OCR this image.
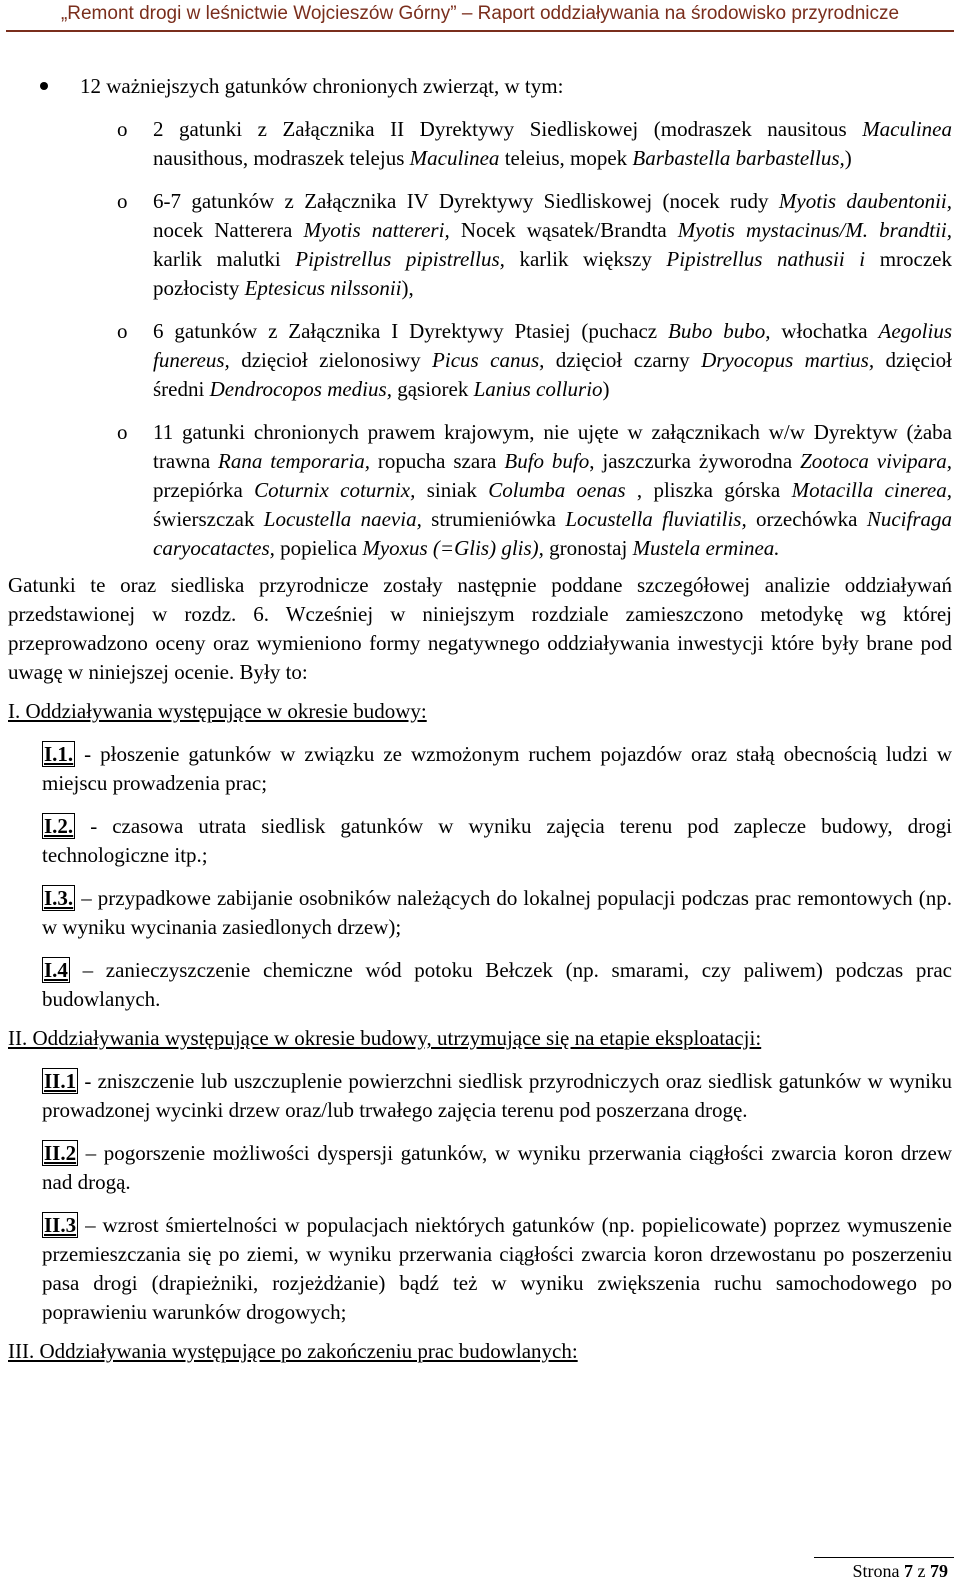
„Remont drogi w leśnictwie Wojcieszów Górny” – Raport oddziaływania na środowisko przyrodnicze

12 ważniejszych gatunków chronionych zwierząt, w tym:

o 2 gatunki z Załącznika II Dyrektywy Siedliskowej (modraszek nausitous Maculinea nausithous, modraszek telejus Maculinea teleius, mopek Barbastella barbastellus,)

o 6-7 gatunków z Załącznika IV Dyrektywy Siedliskowej (nocek rudy Myotis daubentonii, nocek Natterera Myotis nattereri, Nocek wąsatek/Brandta Myotis mystacinus/M. brandtii, karlik malutki Pipistrellus pipistrellus, karlik większy Pipistrellus nathusii i mroczek pozłocisty Eptesicus nilssonii),

o 6 gatunków z Załącznika I Dyrektywy Ptasiej (puchacz Bubo bubo, włochatka Aegolius funereus, dzięcioł zielonosiwy Picus canus, dzięcioł czarny Dryocopus martius, dzięcioł średni Dendrocopos medius, gąsiorek Lanius collurio)

o 11 gatunki chronionych prawem krajowym, nie ujęte w załącznikach w/w Dyrektyw (żaba trawna Rana temporaria, ropucha szara Bufo bufo, jaszczurka żyworodna Zootoca vivipara, przepiórka Coturnix coturnix, siniak Columba oenas , pliszka górska Motacilla cinerea, świerszczak Locustella naevia, strumieniówka Locustella fluviatilis, orzechówka Nucifraga caryocatactes, popielica Myoxus (=Glis) glis), gronostaj Mustela erminea.

Gatunki te oraz siedliska przyrodnicze zostały następnie poddane szczegółowej analizie oddziaływań przedstawionej w rozdz. 6. Wcześniej w niniejszym rozdziale zamieszczono metodykę wg której przeprowadzono oceny oraz wymieniono formy negatywnego oddziaływania inwestycji które były brane pod uwagę w niniejszej ocenie. Były to:

I. Oddziaływania występujące w okresie budowy:

I.1. - płoszenie gatunków w związku ze wzmożonym ruchem pojazdów oraz stałą obecnością ludzi w miejscu prowadzenia prac;

I.2. - czasowa utrata siedlisk gatunków w wyniku zajęcia terenu pod zaplecze budowy, drogi technologiczne itp.;

I.3. – przypadkowe zabijanie osobników należących do lokalnej populacji podczas prac remontowych (np. w wyniku wycinania zasiedlonych drzew);

I.4 – zanieczyszczenie chemiczne wód potoku Bełczek (np. smarami, czy paliwem) podczas prac budowlanych.

II. Oddziaływania występujące w okresie budowy, utrzymujące się na etapie eksploatacji:

II.1 - zniszczenie lub uszczuplenie powierzchni siedlisk przyrodniczych oraz siedlisk gatunków w wyniku prowadzonej wycinki drzew oraz/lub trwałego zajęcia terenu pod poszerzana drogę.

II.2 – pogorszenie możliwości dyspersji gatunków, w wyniku przerwania ciągłości zwarcia koron drzew nad drogą.

II.3 – wzrost śmiertelności w populacjach niektórych gatunków (np. popielicowate) poprzez wymuszenie przemieszczania się po ziemi, w wyniku przerwania ciągłości zwarcia koron drzewostanu po poszerzeniu pasa drogi (drapieżniki, rozjeżdżanie) bądź też w wyniku zwiększenia ruchu samochodowego po poprawieniu warunków drogowych;

III. Oddziaływania występujące po zakończeniu prac budowlanych:

Strona 7 z 79
